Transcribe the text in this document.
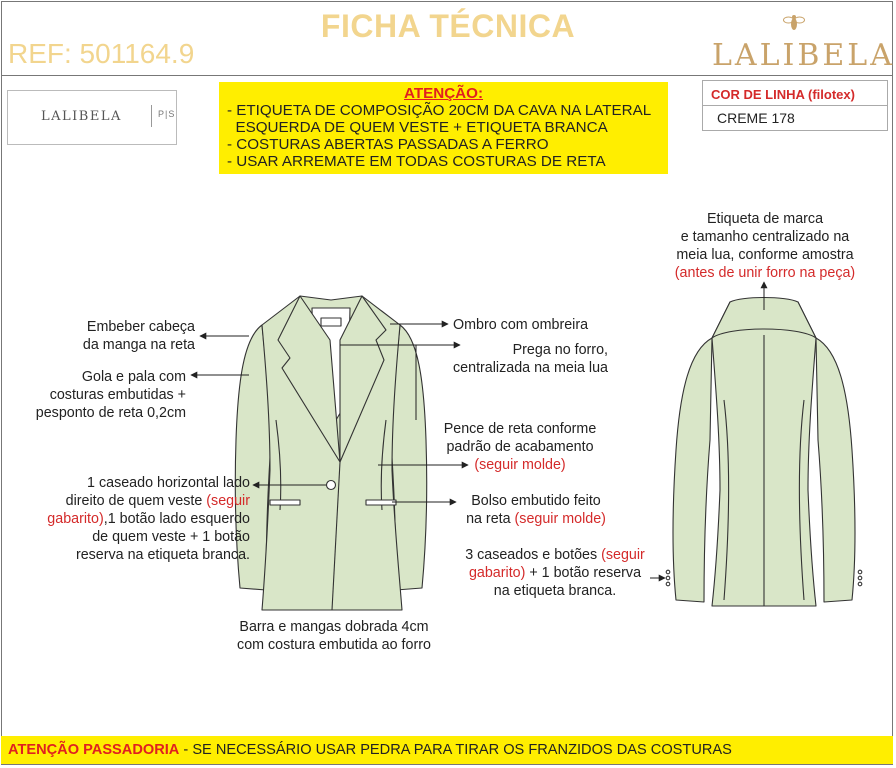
FICHA TÉCNICA
REF: 501164.9	LALIBELA
LALIBELA	P|S
ATENÇÃO:
- ETIQUETA DE COMPOSIÇÃO 20CM DA CAVA NA LATERAL
ESQUERDA DE QUEM VESTE + ETIQUETA BRANCA
- COSTURAS ABERTAS PASSADAS A FERRO
- USAR ARREMATE EM TODAS COSTURAS DE RETA
COR DE LINHA (filotex)
CREME 178
Embeber cabeça
da manga na reta
Gola e pala com
costuras embutidas +
pesponto de reta 0,2cm
1 caseado horizontal lado
direito de quem veste (seguir
gabarito),1 botão lado esquerdo
de quem veste + 1 botão
reserva na etiqueta branca.
Barra e mangas dobrada 4cm
com costura embutida ao forro
Ombro com ombreira
Prega no forro,
centralizada na meia lua
Pence de reta conforme
padrão de acabamento
(seguir molde)
Bolso embutido feito
na reta (seguir molde)
3 caseados e botões (seguir
gabarito) + 1 botão reserva
na etiqueta branca.
Etiqueta de marca
e tamanho centralizado na
meia lua, conforme amostra
(antes de unir forro na peça)
ATENÇÃO PASSADORIA - SE NECESSÁRIO USAR PEDRA PARA TIRAR OS FRANZIDOS DAS COSTURAS
